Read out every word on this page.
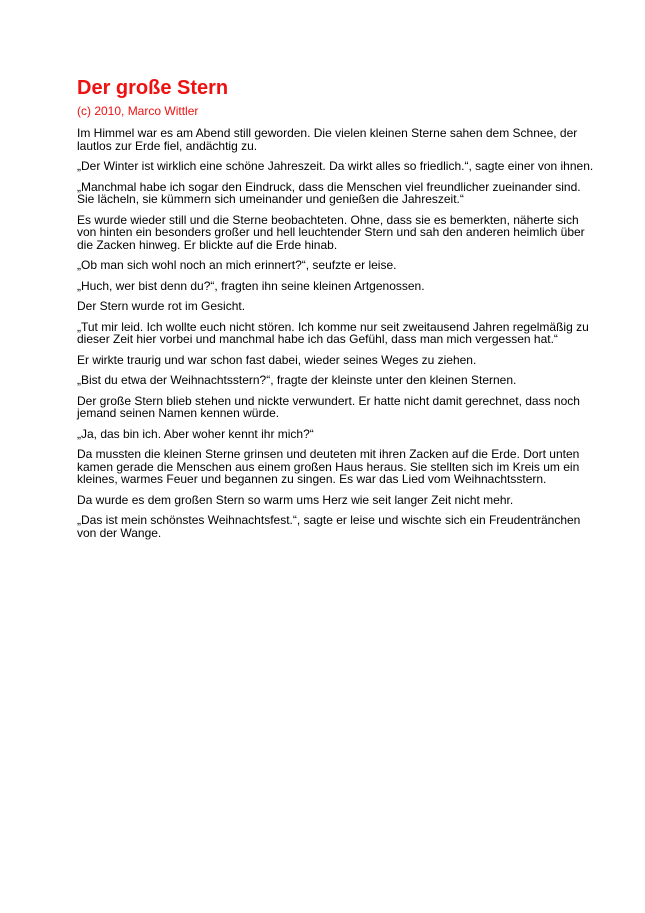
Der große Stern
(c) 2010, Marco Wittler

Im Himmel war es am Abend still geworden. Die vielen kleinen Sterne sahen dem Schnee, der lautlos zur Erde fiel, andächtig zu.

„Der Winter ist wirklich eine schöne Jahreszeit. Da wirkt alles so friedlich.“, sagte einer von ihnen.

„Manchmal habe ich sogar den Eindruck, dass die Menschen viel freundlicher zueinander sind. Sie lächeln, sie kümmern sich umeinander und genießen die Jahreszeit.“

Es wurde wieder still und die Sterne beobachteten. Ohne, dass sie es bemerkten, näherte sich von hinten ein besonders großer und hell leuchtender Stern und sah den anderen heimlich über die Zacken hinweg. Er blickte auf die Erde hinab.

„Ob man sich wohl noch an mich erinnert?“, seufzte er leise.

„Huch, wer bist denn du?“, fragten ihn seine kleinen Artgenossen.

Der Stern wurde rot im Gesicht.

„Tut mir leid. Ich wollte euch nicht stören. Ich komme nur seit zweitausend Jahren regelmäßig zu dieser Zeit hier vorbei und manchmal habe ich das Gefühl, dass man mich vergessen hat.“

Er wirkte traurig und war schon fast dabei, wieder seines Weges zu ziehen.

„Bist du etwa der Weihnachtsstern?“, fragte der kleinste unter den kleinen Sternen.

Der große Stern blieb stehen und nickte verwundert. Er hatte nicht damit gerechnet, dass noch jemand seinen Namen kennen würde.

„Ja, das bin ich. Aber woher kennt ihr mich?“

Da mussten die kleinen Sterne grinsen und deuteten mit ihren Zacken auf die Erde. Dort unten kamen gerade die Menschen aus einem großen Haus heraus. Sie stellten sich im Kreis um ein kleines, warmes Feuer und begannen zu singen. Es war das Lied vom Weihnachtsstern.

Da wurde es dem großen Stern so warm ums Herz wie seit langer Zeit nicht mehr.

„Das ist mein schönstes Weihnachtsfest.“, sagte er leise und wischte sich ein Freudentränchen von der Wange.
